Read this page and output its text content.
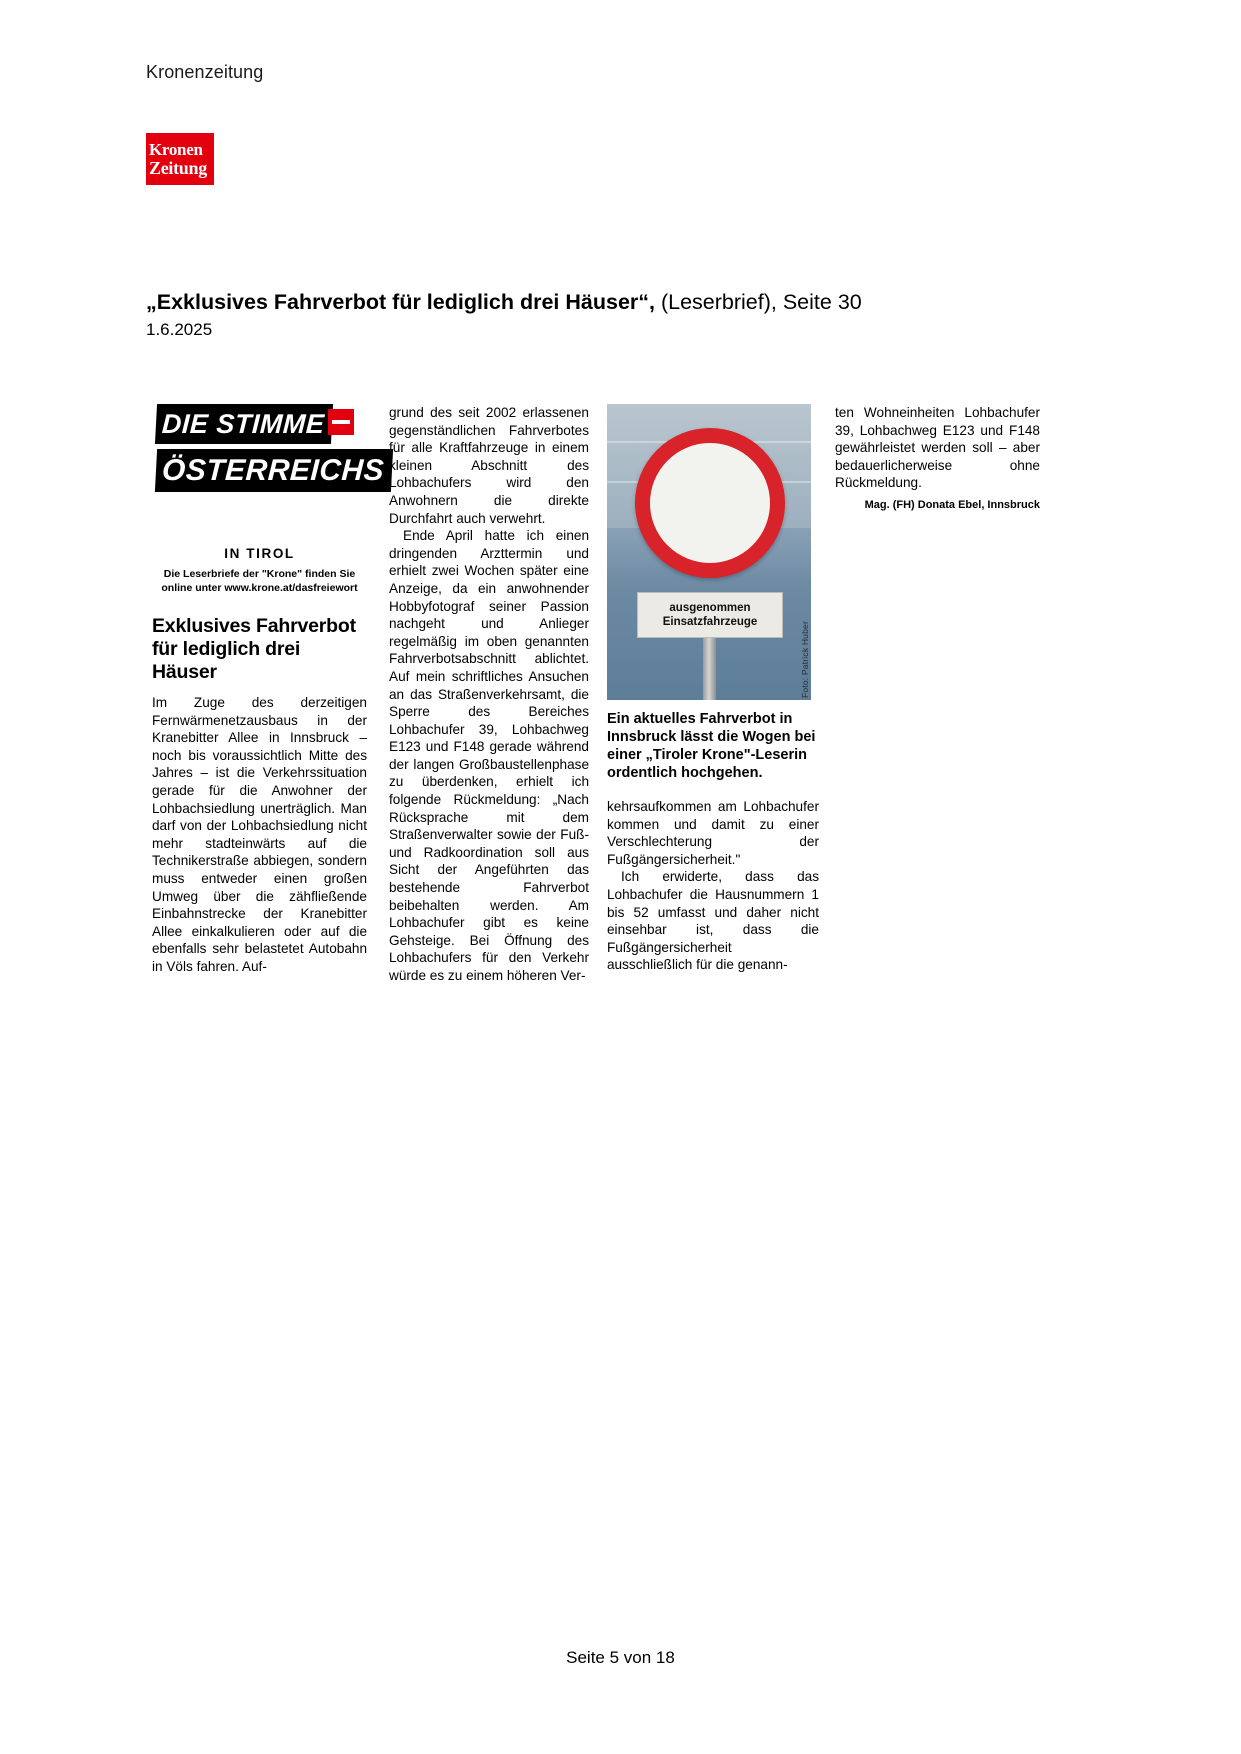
Kronenzeitung
Kronen
Zeitung
„Exklusives Fahrverbot für lediglich drei Häuser“, (Leserbrief), Seite 30
1.6.2025
DIE STIMME
ÖSTERREICHS
IN TIROL
Die Leserbriefe der "Krone" finden Sie online unter www.krone.at/dasfreiewort
Exklusives Fahrverbot für lediglich drei Häuser
Im Zuge des derzeitigen Fernwärmenetzausbaus in der Kranebitter Allee in Innsbruck – noch bis voraussichtlich Mitte des Jahres – ist die Verkehrssituation gerade für die Anwohner der Lohbachsiedlung unerträglich. Man darf von der Lohbachsiedlung nicht mehr stadteinwärts auf die Technikerstraße abbiegen, sondern muss entweder einen großen Umweg über die zähfließende Einbahnstrecke der Kranebitter Allee einkalkulieren oder auf die ebenfalls sehr belastetet Autobahn in Völs fahren. Auf-
grund des seit 2002 erlassenen gegenständlichen Fahrverbotes für alle Kraftfahrzeuge in einem kleinen Abschnitt des Lohbachufers wird den Anwohnern die direkte Durchfahrt auch verwehrt.
Ende April hatte ich einen dringenden Arzttermin und erhielt zwei Wochen später eine Anzeige, da ein anwohnender Hobbyfotograf seiner Passion nachgeht und Anlieger regelmäßig im oben genannten Fahrverbotsabschnitt ablichtet. Auf mein schriftliches Ansuchen an das Straßenverkehrsamt, die Sperre des Bereiches Lohbachufer 39, Lohbachweg E123 und F148 gerade während der langen Großbaustellenphase zu überdenken, erhielt ich folgende Rückmeldung: „Nach Rücksprache mit dem Straßenverwalter sowie der Fuß- und Radkoordination soll aus Sicht der Angeführten das bestehende Fahrverbot beibehalten werden. Am Lohbachufer gibt es keine Gehsteige. Bei Öffnung des Lohbachufers für den Verkehr würde es zu einem höheren Ver-
ausgenommen
Einsatzfahrzeuge	Foto: Patrick Huber
Ein aktuelles Fahrverbot in Innsbruck lässt die Wogen bei einer „Tiroler Krone"-Leserin ordentlich hochgehen.

kehrsaufkommen am Lohbachufer kommen und damit zu einer Verschlechterung der Fußgängersicherheit."

Ich erwiderte, dass das Lohbachufer die Hausnummern 1 bis 52 umfasst und daher nicht einsehbar ist, dass die Fußgängersicherheit ausschließlich für die genann-

ten Wohneinheiten Lohbachufer 39, Lohbachweg E123 und F148 gewährleistet werden soll – aber bedauerlicherweise ohne Rückmeldung.
Mag. (FH) Donata Ebel, Innsbruck
Seite 5 von 18
